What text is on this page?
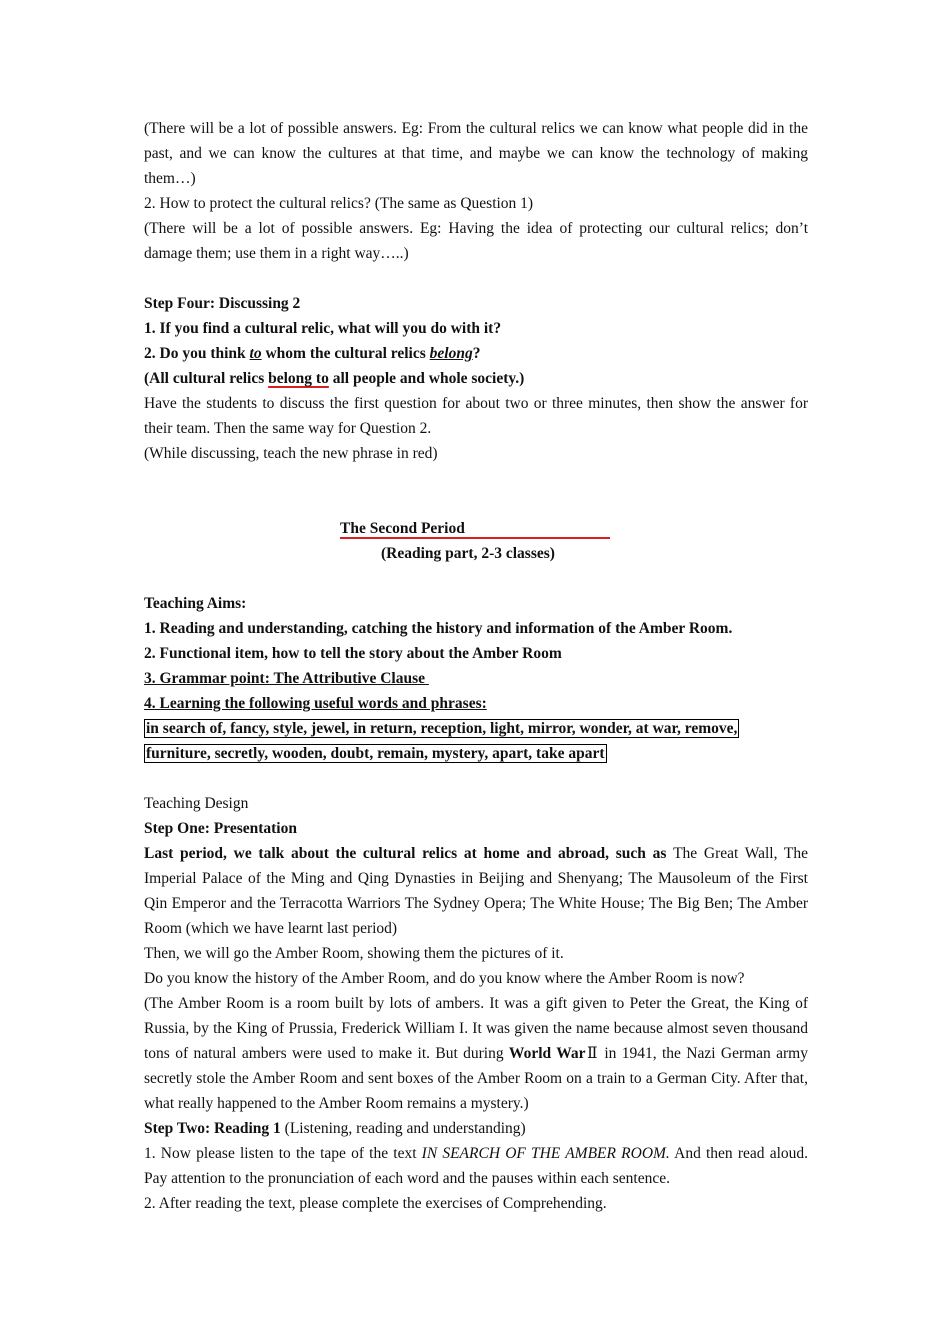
(There will be a lot of possible answers. Eg: From the cultural relics we can know what people did in the past, and we can know the cultures at that time, and maybe we can know the technology of making them…)

2. How to protect the cultural relics? (The same as Question 1)

(There will be a lot of possible answers. Eg: Having the idea of protecting our cultural relics; don’t damage them; use them in a right way…..)

Step Four: Discussing 2

1. If you find a cultural relic, what will you do with it?

2. Do you think to whom the cultural relics belong?

(All cultural relics belong to all people and whole society.)

Have the students to discuss the first question for about two or three minutes, then show the answer for their team. Then the same way for Question 2.

(While discussing, teach the new phrase in red)

The Second Period

(Reading part, 2-3 classes)

Teaching Aims:

1. Reading and understanding, catching the history and information of the Amber Room.

2. Functional item, how to tell the story about the Amber Room

3. Grammar point: The Attributive Clause

4. Learning the following useful words and phrases:

in search of, fancy, style, jewel, in return, reception, light, mirror, wonder, at war, remove,

furniture, secretly, wooden, doubt, remain, mystery, apart, take apart

Teaching Design

Step One: Presentation

Last period, we talk about the cultural relics at home and abroad, such as The Great Wall, The Imperial Palace of the Ming and Qing Dynasties in Beijing and Shenyang; The Mausoleum of the First Qin Emperor and the Terracotta Warriors The Sydney Opera; The White House; The Big Ben; The Amber Room (which we have learnt last period)

Then, we will go the Amber Room, showing them the pictures of it.

Do you know the history of the Amber Room, and do you know where the Amber Room is now?

(The Amber Room is a room built by lots of ambers. It was a gift given to Peter the Great, the King of Russia, by the King of Prussia, Frederick William I. It was given the name because almost seven thousand tons of natural ambers were used to make it. But during World WarⅡ in 1941, the Nazi German army secretly stole the Amber Room and sent boxes of the Amber Room on a train to a German City. After that, what really happened to the Amber Room remains a mystery.)

Step Two: Reading 1 (Listening, reading and understanding)

1. Now please listen to the tape of the text IN SEARCH OF THE AMBER ROOM. And then read aloud. Pay attention to the pronunciation of each word and the pauses within each sentence.

2. After reading the text, please complete the exercises of Comprehending.
